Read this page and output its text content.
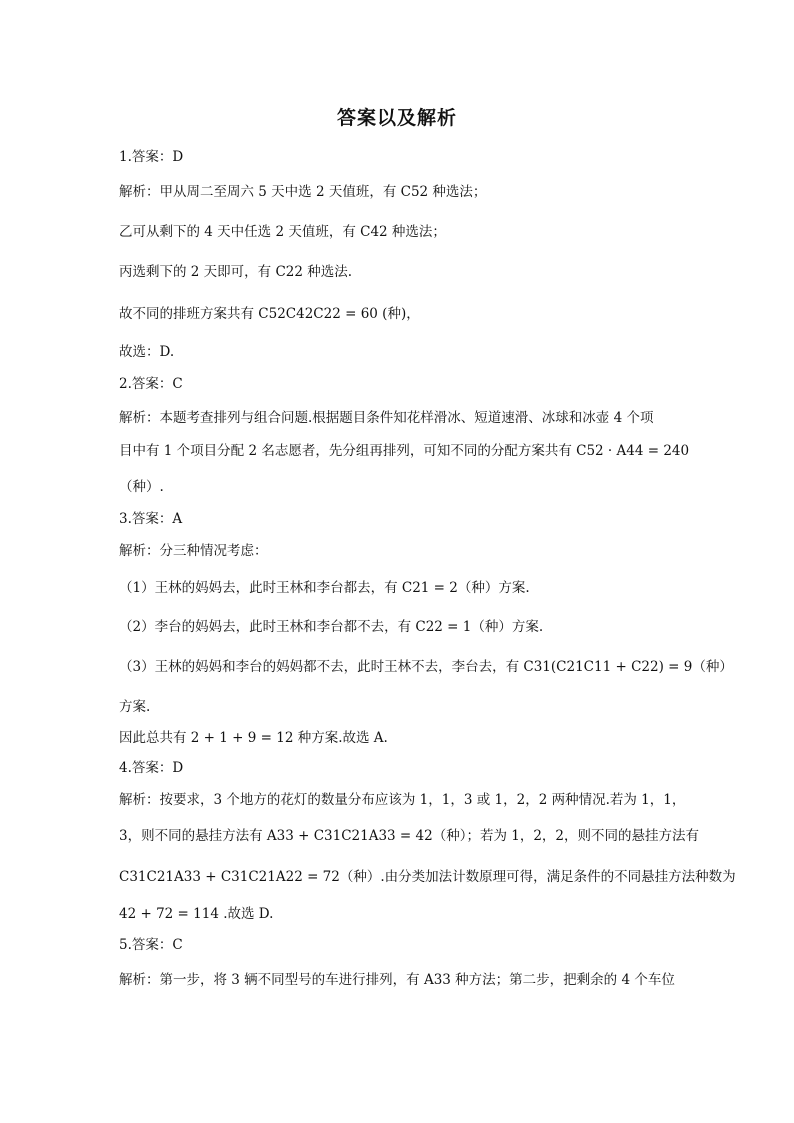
答案以及解析
1.答案：D
解析：甲从周二至周六 5 天中选 2 天值班，有 C52 种选法；
乙可从剩下的 4 天中任选 2 天值班，有 C42 种选法；
丙选剩下的 2 天即可，有 C22 种选法.
故不同的排班方案共有 C52C42C22 = 60 (种)，
故选：D.
2.答案：C
解析：本题考查排列与组合问题.根据题目条件知花样滑冰、短道速滑、冰球和冰壶 4 个项
目中有 1 个项目分配 2 名志愿者，先分组再排列，可知不同的分配方案共有 C52 · A44 = 240
（种）.
3.答案：A
解析：分三种情况考虑：
（1）王林的妈妈去，此时王林和李台都去，有 C21 = 2（种）方案.
（2）李台的妈妈去，此时王林和李台都不去，有 C22 = 1（种）方案.
（3）王林的妈妈和李台的妈妈都不去，此时王林不去，李台去，有 C31(C21C11 + C22) = 9（种）
方案.
因此总共有 2 + 1 + 9 = 12 种方案.故选 A.
4.答案：D
解析：按要求，3 个地方的花灯的数量分布应该为 1，1，3 或 1，2，2 两种情况.若为 1，1，
3，则不同的悬挂方法有 A33 + C31C21A33 = 42（种）；若为 1，2，2，则不同的悬挂方法有
C31C21A33 + C31C21A22 = 72（种）.由分类加法计数原理可得，满足条件的不同悬挂方法种数为
42 + 72 = 114 .故选 D.
5.答案：C
解析：第一步，将 3 辆不同型号的车进行排列，有 A33 种方法；第二步，把剩余的 4 个车位
